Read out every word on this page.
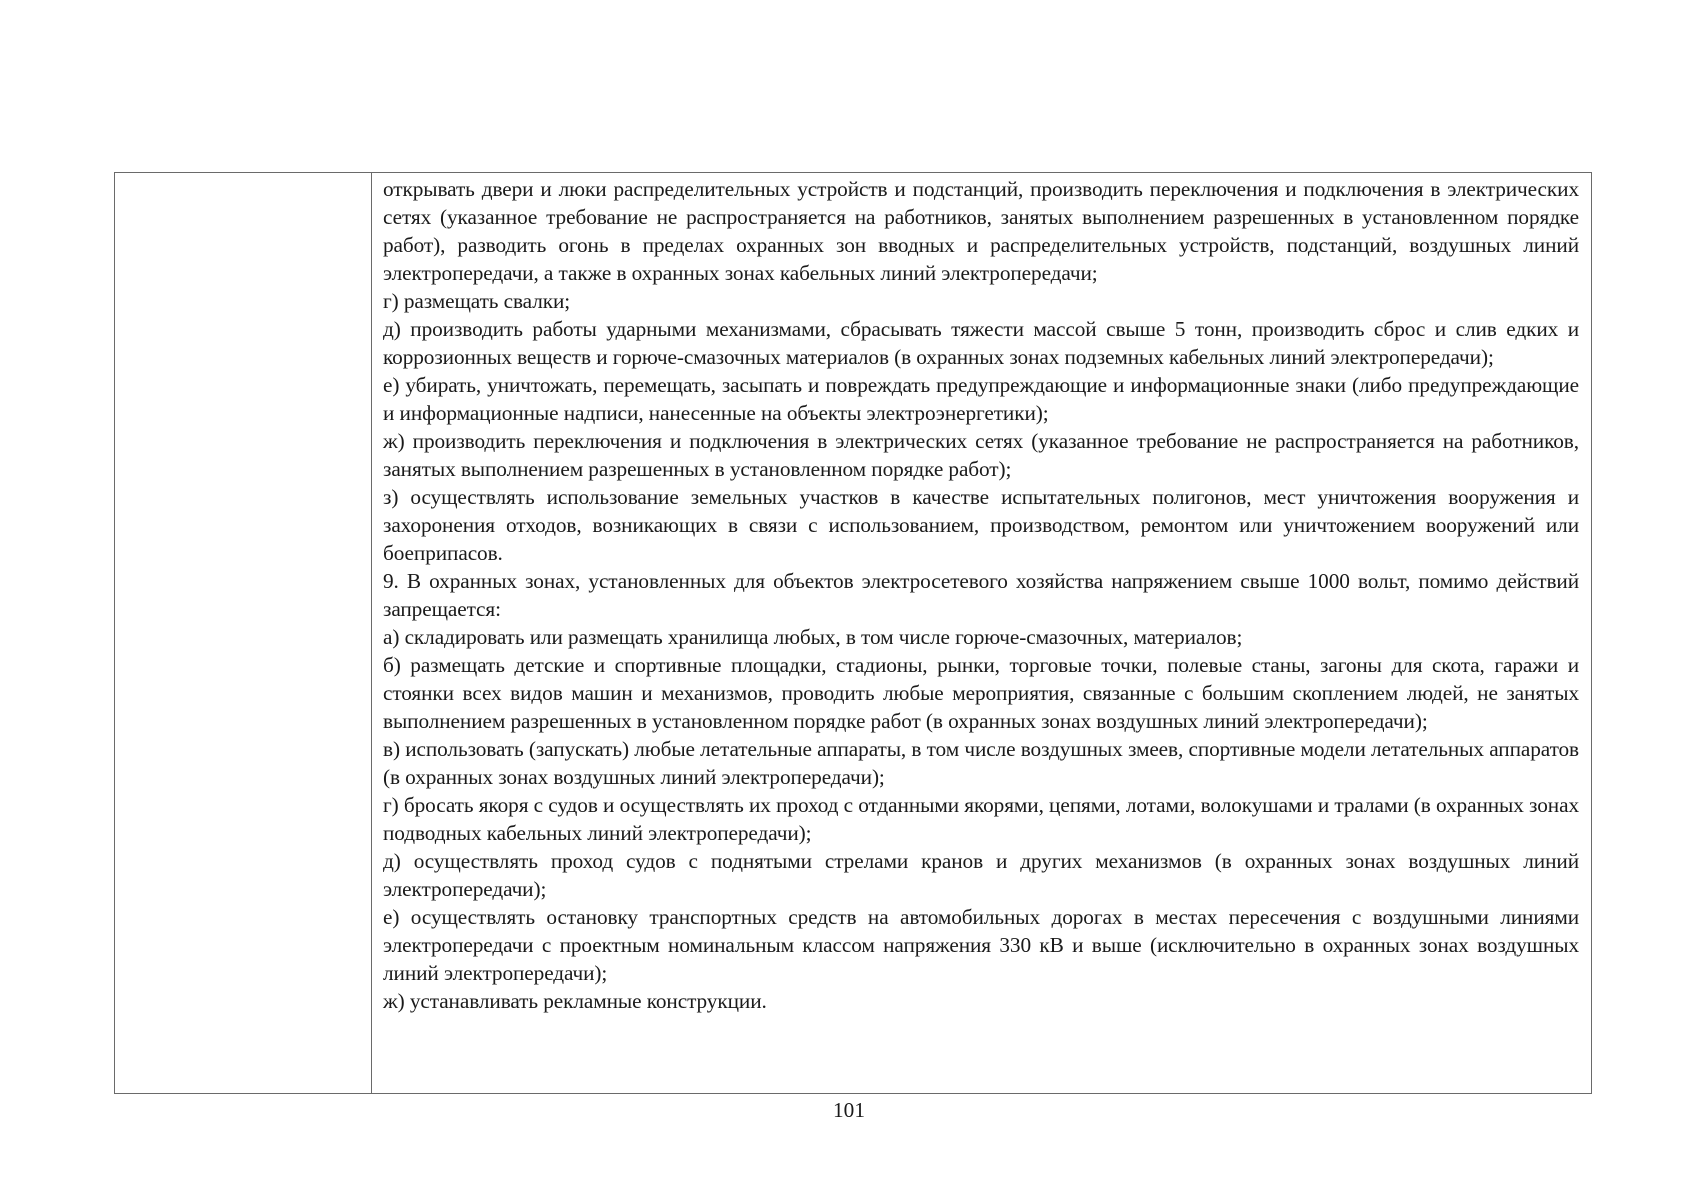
открывать двери и люки распределительных устройств и подстанций, производить переключения и подключения в электрических сетях (указанное требование не распространяется на работников, занятых выполнением разрешенных в установленном порядке работ), разводить огонь в пределах охранных зон вводных и распределительных устройств, подстанций, воздушных линий электропередачи, а также в охранных зонах кабельных линий электропередачи;

г) размещать свалки;

д) производить работы ударными механизмами, сбрасывать тяжести массой свыше 5 тонн, производить сброс и слив едких и коррозионных веществ и горюче-смазочных материалов (в охранных зонах подземных кабельных линий электропередачи);

е) убирать, уничтожать, перемещать, засыпать и повреждать предупреждающие и информационные знаки (либо предупреждающие и информационные надписи, нанесенные на объекты электроэнергетики);

ж) производить переключения и подключения в электрических сетях (указанное требование не распространяется на работников, занятых выполнением разрешенных в установленном порядке работ);

з) осуществлять использование земельных участков в качестве испытательных полигонов, мест уничтожения вооружения и захоронения отходов, возникающих в связи с использованием, производством, ремонтом или уничтожением вооружений или боеприпасов.

9. В охранных зонах, установленных для объектов электросетевого хозяйства напряжением свыше 1000 вольт, помимо действий запрещается:

а) складировать или размещать хранилища любых, в том числе горюче-смазочных, материалов;

б) размещать детские и спортивные площадки, стадионы, рынки, торговые точки, полевые станы, загоны для скота, гаражи и стоянки всех видов машин и механизмов, проводить любые мероприятия, связанные с большим скоплением людей, не занятых выполнением разрешенных в установленном порядке работ (в охранных зонах воздушных линий электропередачи);

в) использовать (запускать) любые летательные аппараты, в том числе воздушных змеев, спортивные модели летательных аппаратов (в охранных зонах воздушных линий электропередачи);

г) бросать якоря с судов и осуществлять их проход с отданными якорями, цепями, лотами, волокушами и тралами (в охранных зонах подводных кабельных линий электропередачи);

д) осуществлять проход судов с поднятыми стрелами кранов и других механизмов (в охранных зонах воздушных линий электропередачи);

е) осуществлять остановку транспортных средств на автомобильных дорогах в местах пересечения с воздушными линиями электропередачи с проектным номинальным классом напряжения 330 кВ и выше (исключительно в охранных зонах воздушных линий электропередачи);

ж) устанавливать рекламные конструкции.

101
